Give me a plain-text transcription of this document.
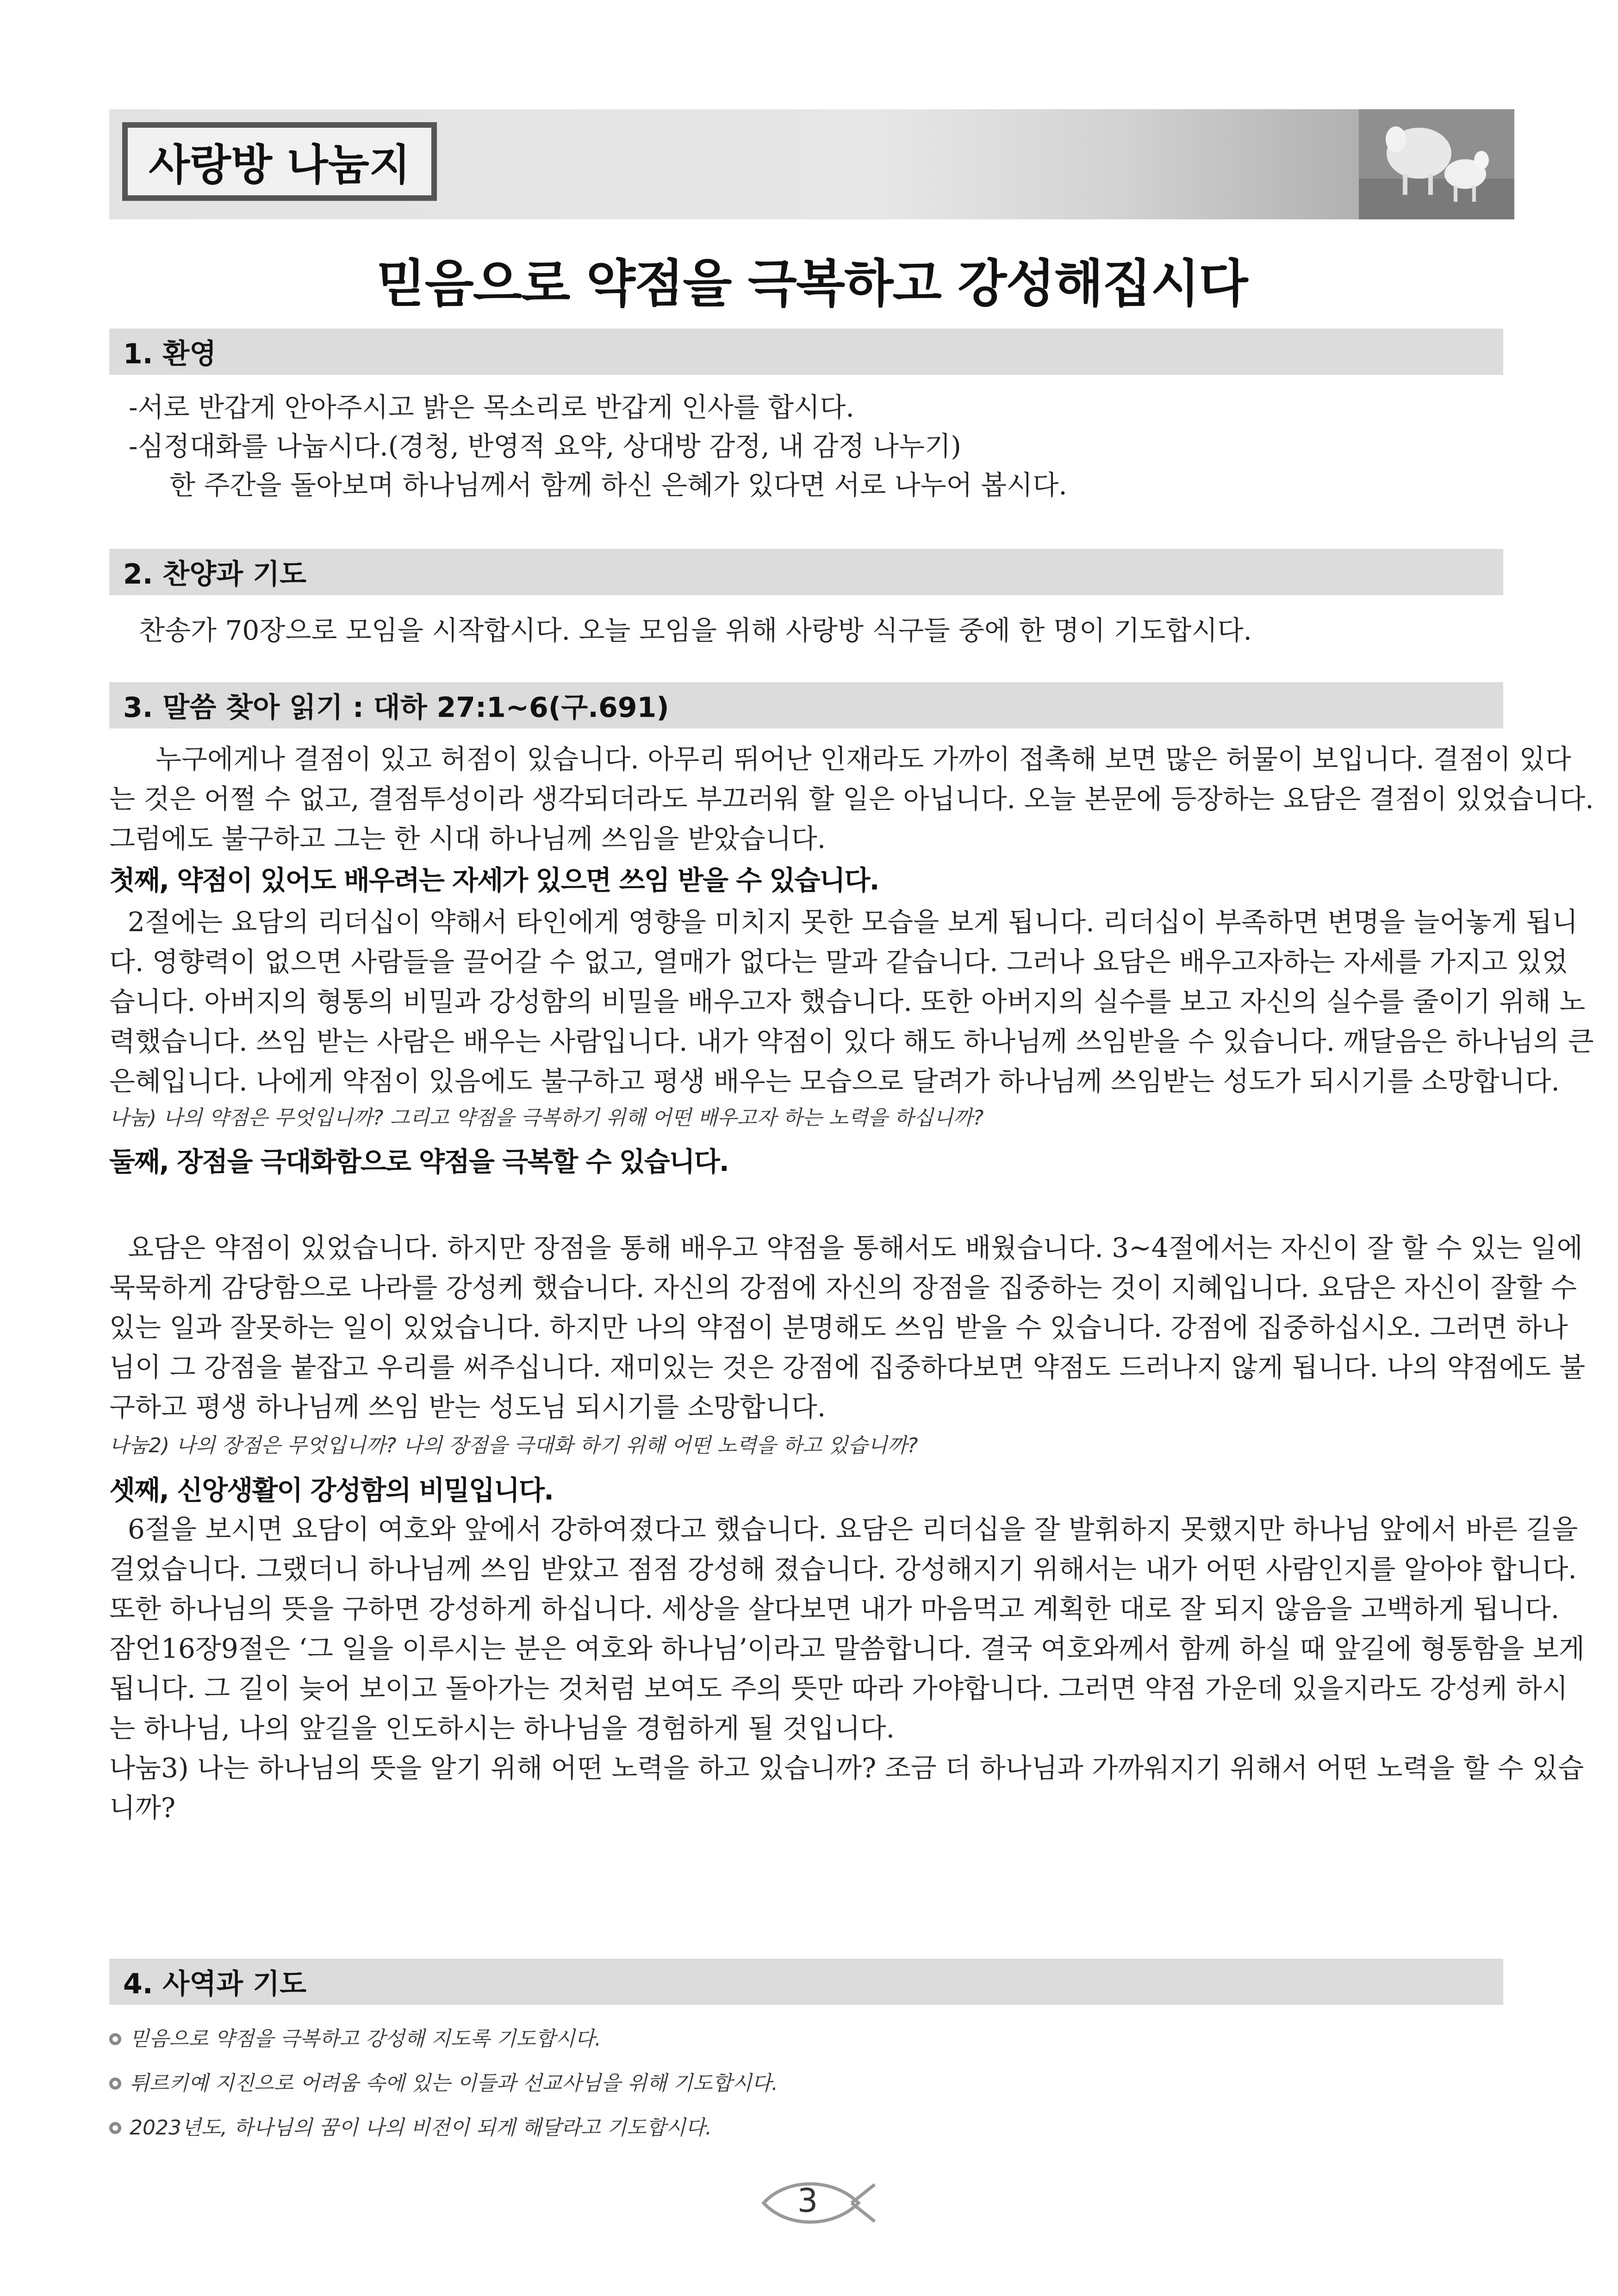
사랑방 나눔지
믿음으로 약점을 극복하고 강성해집시다
1. 환영
-서로 반갑게 안아주시고 밝은 목소리로 반갑게 인사를 합시다.
-심정대화를 나눕시다.(경청, 반영적 요약, 상대방 감정, 내 감정 나누기)
한 주간을 돌아보며 하나님께서 함께 하신 은혜가 있다면 서로 나누어 봅시다.
2. 찬양과 기도
찬송가 70장으로 모임을 시작합시다. 오늘 모임을 위해 사랑방 식구들 중에 한 명이 기도합시다.
3. 말씀 찾아 읽기 : 대하 27:1~6(구.691)
누구에게나 결점이 있고 허점이 있습니다. 아무리 뛰어난 인재라도 가까이 접촉해 보면 많은 허물이 보입니다. 결점이 있다
는 것은 어쩔 수 없고, 결점투성이라 생각되더라도 부끄러워 할 일은 아닙니다. 오늘 본문에 등장하는 요담은 결점이 있었습니다.
그럼에도 불구하고 그는 한 시대 하나님께 쓰임을 받았습니다.
첫째, 약점이 있어도 배우려는 자세가 있으면 쓰임 받을 수 있습니다.
2절에는 요담의 리더십이 약해서 타인에게 영향을 미치지 못한 모습을 보게 됩니다. 리더십이 부족하면 변명을 늘어놓게 됩니
다. 영향력이 없으면 사람들을 끌어갈 수 없고, 열매가 없다는 말과 같습니다. 그러나 요담은 배우고자하는 자세를 가지고 있었
습니다. 아버지의 형통의 비밀과 강성함의 비밀을 배우고자 했습니다. 또한 아버지의 실수를 보고 자신의 실수를 줄이기 위해 노
력했습니다. 쓰임 받는 사람은 배우는 사람입니다. 내가 약점이 있다 해도 하나님께 쓰임받을 수 있습니다. 깨달음은 하나님의 큰
은혜입니다. 나에게 약점이 있음에도 불구하고 평생 배우는 모습으로 달려가 하나님께 쓰임받는 성도가 되시기를 소망합니다.
나눔) 나의 약점은 무엇입니까? 그리고 약점을 극복하기 위해 어떤 배우고자 하는 노력을 하십니까?
둘째, 장점을 극대화함으로 약점을 극복할 수 있습니다.
요담은 약점이 있었습니다. 하지만 장점을 통해 배우고 약점을 통해서도 배웠습니다. 3~4절에서는 자신이 잘 할 수 있는 일에
묵묵하게 감당함으로 나라를 강성케 했습니다. 자신의 강점에 자신의 장점을 집중하는 것이 지혜입니다. 요담은 자신이 잘할 수
있는 일과 잘못하는 일이 있었습니다. 하지만 나의 약점이 분명해도 쓰임 받을 수 있습니다. 강점에 집중하십시오. 그러면 하나
님이 그 강점을 붙잡고 우리를 써주십니다. 재미있는 것은 강점에 집중하다보면 약점도 드러나지 않게 됩니다. 나의 약점에도 불
구하고 평생 하나님께 쓰임 받는 성도님 되시기를 소망합니다.
나눔2) 나의 장점은 무엇입니까? 나의 장점을 극대화 하기 위해 어떤 노력을 하고 있습니까?
셋째, 신앙생활이 강성함의 비밀입니다.
6절을 보시면 요담이 여호와 앞에서 강하여졌다고 했습니다. 요담은 리더십을 잘 발휘하지 못했지만 하나님 앞에서 바른 길을
걸었습니다. 그랬더니 하나님께 쓰임 받았고 점점 강성해 졌습니다. 강성해지기 위해서는 내가 어떤 사람인지를 알아야 합니다.
또한 하나님의 뜻을 구하면 강성하게 하십니다. 세상을 살다보면 내가 마음먹고 계획한 대로 잘 되지 않음을 고백하게 됩니다.
잠언16장9절은 ‘그 일을 이루시는 분은 여호와 하나님’이라고 말씀합니다. 결국 여호와께서 함께 하실 때 앞길에 형통함을 보게
됩니다. 그 길이 늦어 보이고 돌아가는 것처럼 보여도 주의 뜻만 따라 가야합니다. 그러면 약점 가운데 있을지라도 강성케 하시
는 하나님, 나의 앞길을 인도하시는 하나님을 경험하게 될 것입니다.
나눔3) 나는 하나님의 뜻을 알기 위해 어떤 노력을 하고 있습니까? 조금 더 하나님과 가까워지기 위해서 어떤 노력을 할 수 있습
니까?
4. 사역과 기도
믿음으로 약점을 극복하고 강성해 지도록 기도합시다.
튀르키예 지진으로 어려움 속에 있는 이들과 선교사님을 위해 기도합시다.
2023년도, 하나님의 꿈이 나의 비전이 되게 해달라고 기도합시다.
3
